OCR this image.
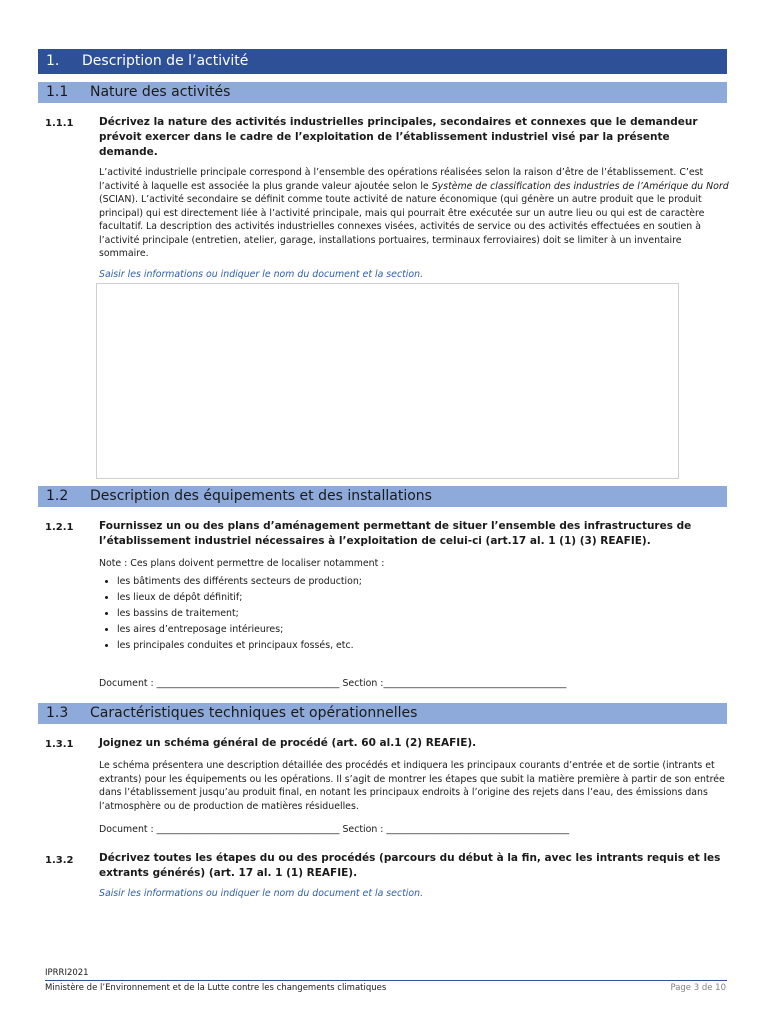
1. Description de l’activité
1.1 Nature des activités
1.1.1 Décrivez la nature des activités industrielles principales, secondaires et connexes que le demandeur prévoit exercer dans le cadre de l’exploitation de l’établissement industriel visé par la présente demande.
L’activité industrielle principale correspond à l’ensemble des opérations réalisées selon la raison d’être de l’établissement. C’est l’activité à laquelle est associée la plus grande valeur ajoutée selon le Système de classification des industries de l’Amérique du Nord (SCIAN). L’activité secondaire se définit comme toute activité de nature économique (qui génère un autre produit que le produit principal) qui est directement liée à l’activité principale, mais qui pourrait être exécutée sur un autre lieu ou qui est de caractère facultatif. La description des activités industrielles connexes visées, activités de service ou des activités effectuées en soutien à l’activité principale (entretien, atelier, garage, installations portuaires, terminaux ferroviaires) doit se limiter à un inventaire sommaire.
Saisir les informations ou indiquer le nom du document et la section.
1.2 Description des équipements et des installations
1.2.1 Fournissez un ou des plans d’aménagement permettant de situer l’ensemble des infrastructures de l’établissement industriel nécessaires à l’exploitation de celui-ci (art.17 al. 1 (1) (3) REAFIE).
Note : Ces plans doivent permettre de localiser notamment :
• les bâtiments des différents secteurs de production;
• les lieux de dépôt définitif;
• les bassins de traitement;
• les aires d’entreposage intérieures;
• les principales conduites et principaux fossés, etc.
Document : _______________________________________ Section :_______________________________________
1.3 Caractéristiques techniques et opérationnelles
1.3.1 Joignez un schéma général de procédé (art. 60 al.1 (2) REAFIE).
Le schéma présentera une description détaillée des procédés et indiquera les principaux courants d’entrée et de sortie (intrants et extrants) pour les équipements ou les opérations. Il s’agit de montrer les étapes que subit la matière première à partir de son entrée dans l’établissement jusqu’au produit final, en notant les principaux endroits à l’origine des rejets dans l’eau, des émissions dans l’atmosphère ou de production de matières résiduelles.
Document : _______________________________________ Section : _______________________________________
1.3.2 Décrivez toutes les étapes du ou des procédés (parcours du début à la fin, avec les intrants requis et les extrants générés) (art. 17 al. 1 (1) REAFIE).
Saisir les informations ou indiquer le nom du document et la section.
IPRRI2021
Ministère de l’Environnement et de la Lutte contre les changements climatiques	Page 3 de 10
